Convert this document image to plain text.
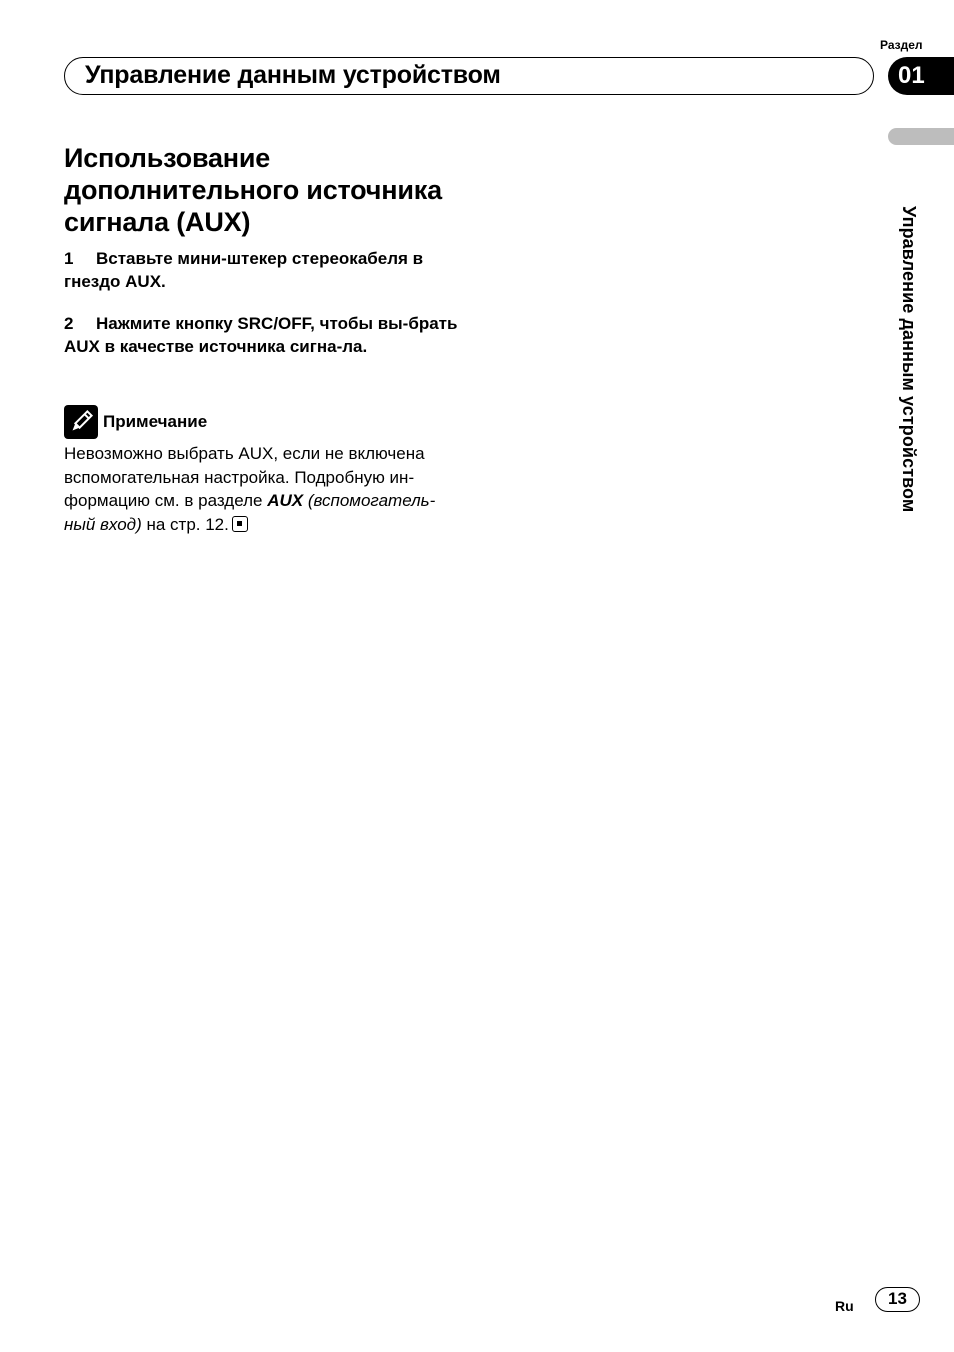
Раздел
Управление данным устройством	01
Управление данным устройством
Использование дополнительного источника сигнала (AUX)
1 Вставьте мини-штекер стереокабеля в гнездо AUX.
2 Нажмите кнопку SRC/OFF, чтобы вы-брать AUX в качестве источника сигна-ла.
Примечание
Невозможно выбрать AUX, если не включена вспомогательная настройка. Подробную ин-формацию см. в разделе AUX (вспомогатель-ный вход) на стр. 12.
Ru	13
